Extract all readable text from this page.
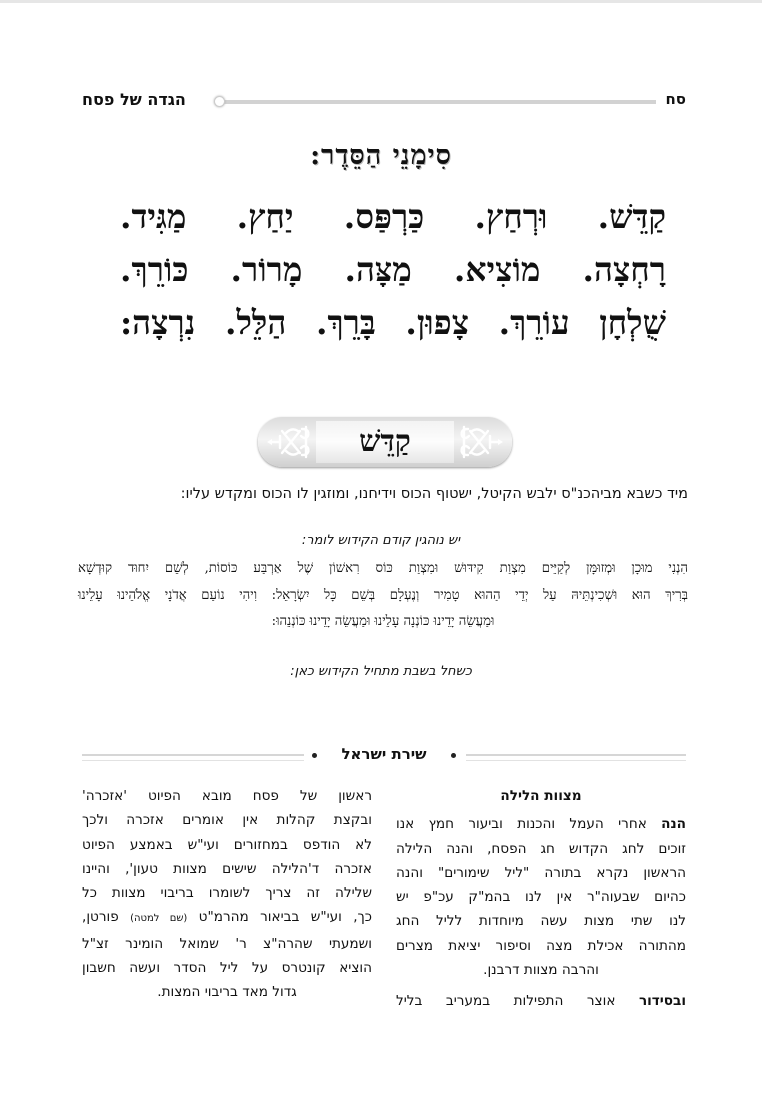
סח
הגדה של פסח
סִימָנֵי הַסֵּדֶר:
קַדֵּשׁ. וּרְחַץ. כַּרְפַּס. יַחַץ. מַגִּיד.
רָחְצָה. מוֹצִיא. מַצָּה. מָרוֹר. כּוֹרֵךְ.
שֻׁלְחָן עוֹרֵךְ. צָפוּן. בָּרֵךְ. הַלֵּל. נִרְצָה:
קַדֵּשׁ
מיד כשבא מביהכנ"ס ילבש הקיטל, ישטוף הכוס וידיחנו, ומוזגין לו הכוס ומקדש עליו:
יש נוהגין קודם הקידוש לומר:
הִנְנִי מוּכָן וּמְזוּמָּן לְקַיֵּים מִצְוַת קִידּוּשׁ וּמִצְוַת כּוֹס רִאשׁוֹן שֶׁל אַרְבַּע כּוֹסוֹת, לְשֵׁם יִחוּד קוּדְשָׁא
בְּרִיךְ הוּא וּשְׁכִינְתֵּיהּ עַל יְדֵי הַהוּא טָמִיר וְנֶעְלָם בְּשֵׁם כָּל יִשְׂרָאֵל: וִיהִי נוֹעַם אֲדֹנָי אֱלֹהֵינוּ עָלֵינוּ
וּמַעֲשֵׂה יָדֵינוּ כּוֹנְנָה עָלֵינוּ וּמַעֲשֵׂה יָדֵינוּ כּוֹנְנֵהוּ:
כשחל בשבת מתחיל הקידוש כאן:
שירת ישראל
מצוות הלילה
הנה אחרי העמל והכנות וביעור חמץ אנו
זוכים לחג הקדוש חג הפסח, והנה הלילה
הראשון נקרא בתורה "ליל שימורים" והנה
כהיום שבעוה"ר אין לנו בהמ"ק עכ"פ יש
לנו שתי מצות עשה מיוחדות לליל החג
מהתורה אכילת מצה וסיפור יציאת מצרים
והרבה מצוות דרבנן.
ובסידור אוצר התפילות במעריב בליל
ראשון של פסח מובא הפיוט 'אזכרה'
ובקצת קהלות אין אומרים אזכרה ולכך
לא הודפס במחזורים ועי"ש באמצע הפיוט
אזכרה ד'הלילה שישים מצוות טעון', והיינו
שלילה זה צריך לשומרו בריבוי מצוות כל
כך, ועי"ש בביאור מהרמ"ט (שם למטה) פורטן,
ושמעתי שהרה"צ ר' שמואל הומינר זצ"ל
הוציא קונטרס על ליל הסדר ועשה חשבון
גדול מאד בריבוי המצות.
